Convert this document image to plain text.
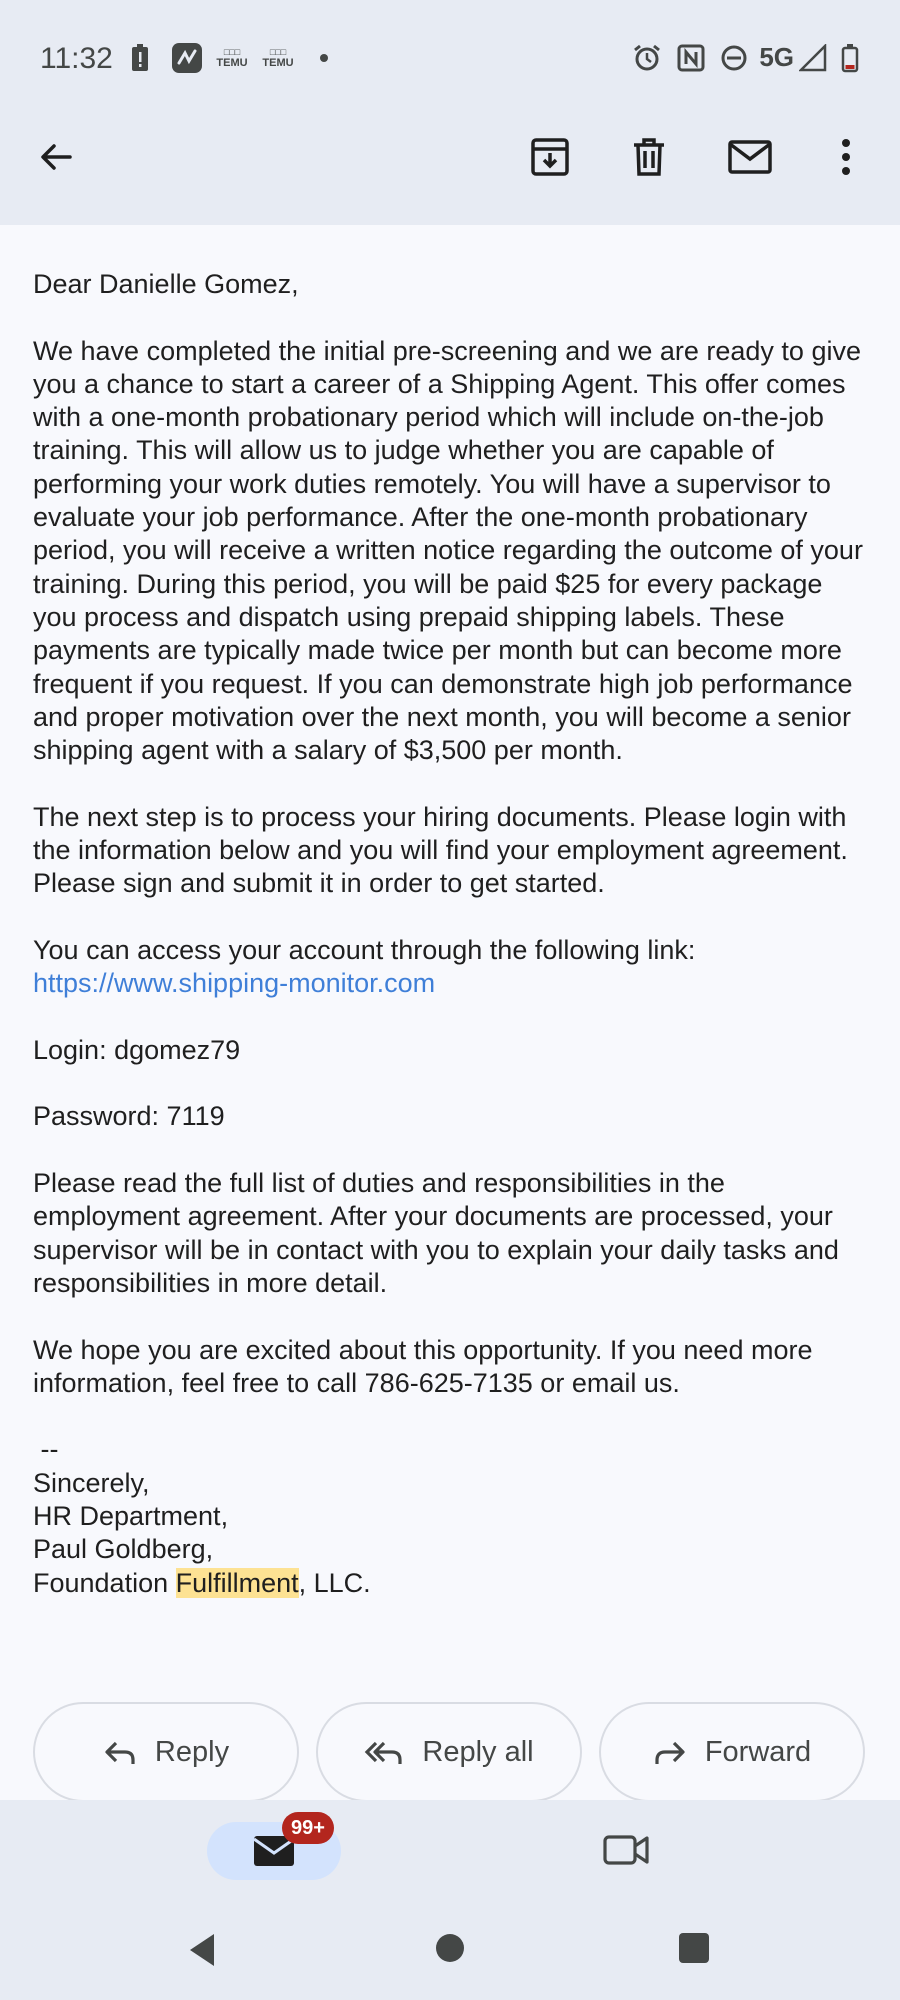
11:32	□□□
TEMU
□□□
TEMU	5G

Dear Danielle Gomez,

We have completed the initial pre-screening and we are ready to give you a chance to start a career of a Shipping Agent. This offer comes with a one-month probationary period which will include on-the-job training. This will allow us to judge whether you are capable of performing your work duties remotely. You will have a supervisor to evaluate your job performance. After the one-month probationary period, you will receive a written notice regarding the outcome of your training. During this period, you will be paid $25 for every package you process and dispatch using prepaid shipping labels. These payments are typically made twice per month but can become more frequent if you request. If you can demonstrate high job performance and proper motivation over the next month, you will become a senior shipping agent with a salary of $3,500 per month.

The next step is to process your hiring documents. Please login with the information below and you will find your employment agreement. Please sign and submit it in order to get started.

You can access your account through the following link:

https://www.shipping-monitor.com

Login: dgomez79

Password: 7119

Please read the full list of duties and responsibilities in the employment agreement. After your documents are processed, your supervisor will be in contact with you to explain your daily tasks and responsibilities in more detail.

We hope you are excited about this opportunity. If you need more information, feel free to call 786-625-7135 or email us.

--

Sincerely,

HR Department,

Paul Goldberg,

Foundation Fulfillment, LLC.

Reply	Reply all	Forward
99+
